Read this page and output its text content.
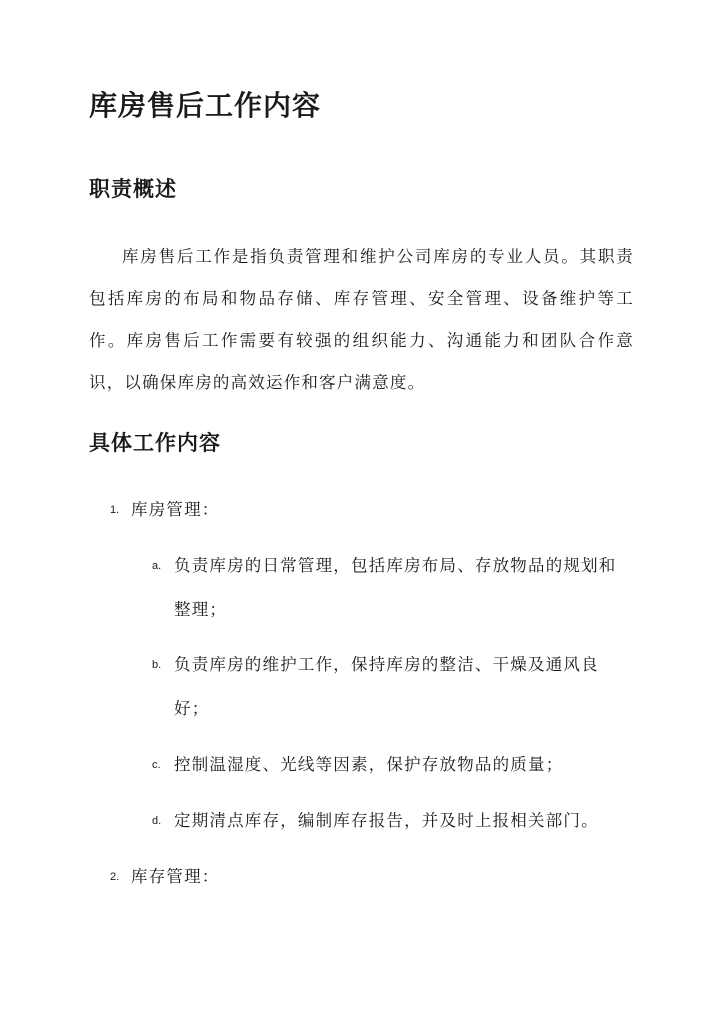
库房售后工作内容
职责概述

库房售后工作是指负责管理和维护公司库房的专业人员。其职责包括库房的布局和物品存储、库存管理、安全管理、设备维护等工作。库房售后工作需要有较强的组织能力、沟通能力和团队合作意识，以确保库房的高效运作和客户满意度。

具体工作内容
1. 库房管理：
a. 负责库房的日常管理，包括库房布局、存放物品的规划和整理；
b. 负责库房的维护工作，保持库房的整洁、干燥及通风良好；
c. 控制温湿度、光线等因素，保护存放物品的质量；
d. 定期清点库存，编制库存报告，并及时上报相关部门。
2. 库存管理：
